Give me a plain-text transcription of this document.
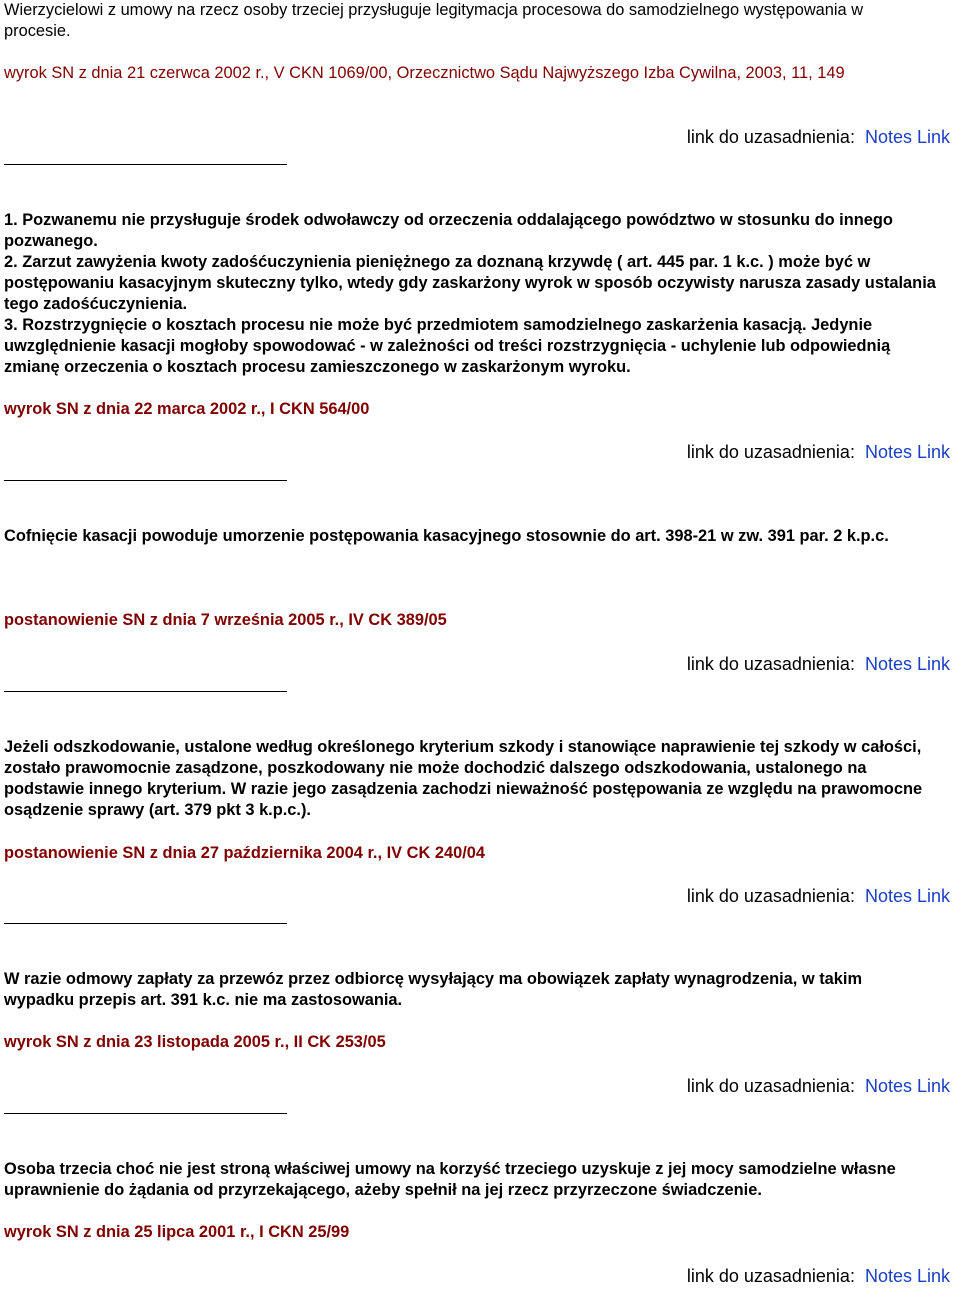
Wierzycielowi z umowy na rzecz osoby trzeciej przysługuje legitymacja procesowa do samodzielnego występowania w procesie.

wyrok SN z dnia 21 czerwca 2002 r., V CKN 1069/00, Orzecznictwo Sądu Najwyższego Izba Cywilna, 2003, 11, 149

link do uzasadnienia: Notes Link

1. Pozwanemu nie przysługuje środek odwoławczy od orzeczenia oddalającego powództwo w stosunku do innego pozwanego.

2. Zarzut zawyżenia kwoty zadośćuczynienia pieniężnego za doznaną krzywdę ( art. 445 par. 1 k.c. ) może być w postępowaniu kasacyjnym skuteczny tylko, wtedy gdy zaskarżony wyrok w sposób oczywisty narusza zasady ustalania tego zadośćuczynienia.

3. Rozstrzygnięcie o kosztach procesu nie może być przedmiotem samodzielnego zaskarżenia kasacją. Jedynie uwzględnienie kasacji mogłoby spowodować - w zależności od treści rozstrzygnięcia - uchylenie lub odpowiednią zmianę orzeczenia o kosztach procesu zamieszczonego w zaskarżonym wyroku.

wyrok SN z dnia 22 marca 2002 r., I CKN 564/00

link do uzasadnienia: Notes Link

Cofnięcie kasacji powoduje umorzenie postępowania kasacyjnego stosownie do art. 398-21 w zw. 391 par. 2 k.p.c.

postanowienie SN z dnia 7 września 2005 r., IV CK 389/05

link do uzasadnienia: Notes Link

Jeżeli odszkodowanie, ustalone według określonego kryterium szkody i stanowiące naprawienie tej szkody w całości, zostało prawomocnie zasądzone, poszkodowany nie może dochodzić dalszego odszkodowania, ustalonego na podstawie innego kryterium. W razie jego zasądzenia zachodzi nieważność postępowania ze względu na prawomocne osądzenie sprawy (art. 379 pkt 3 k.p.c.).

postanowienie SN z dnia 27 października 2004 r., IV CK 240/04

link do uzasadnienia: Notes Link

W razie odmowy zapłaty za przewóz przez odbiorcę wysyłający ma obowiązek zapłaty wynagrodzenia, w takim wypadku przepis art. 391 k.c. nie ma zastosowania.

wyrok SN z dnia 23 listopada 2005 r., II CK 253/05

link do uzasadnienia: Notes Link

Osoba trzecia choć nie jest stroną właściwej umowy na korzyść trzeciego uzyskuje z jej mocy samodzielne własne uprawnienie do żądania od przyrzekającego, ażeby spełnił na jej rzecz przyrzeczone świadczenie.

wyrok SN z dnia 25 lipca 2001 r., I CKN 25/99

link do uzasadnienia: Notes Link
